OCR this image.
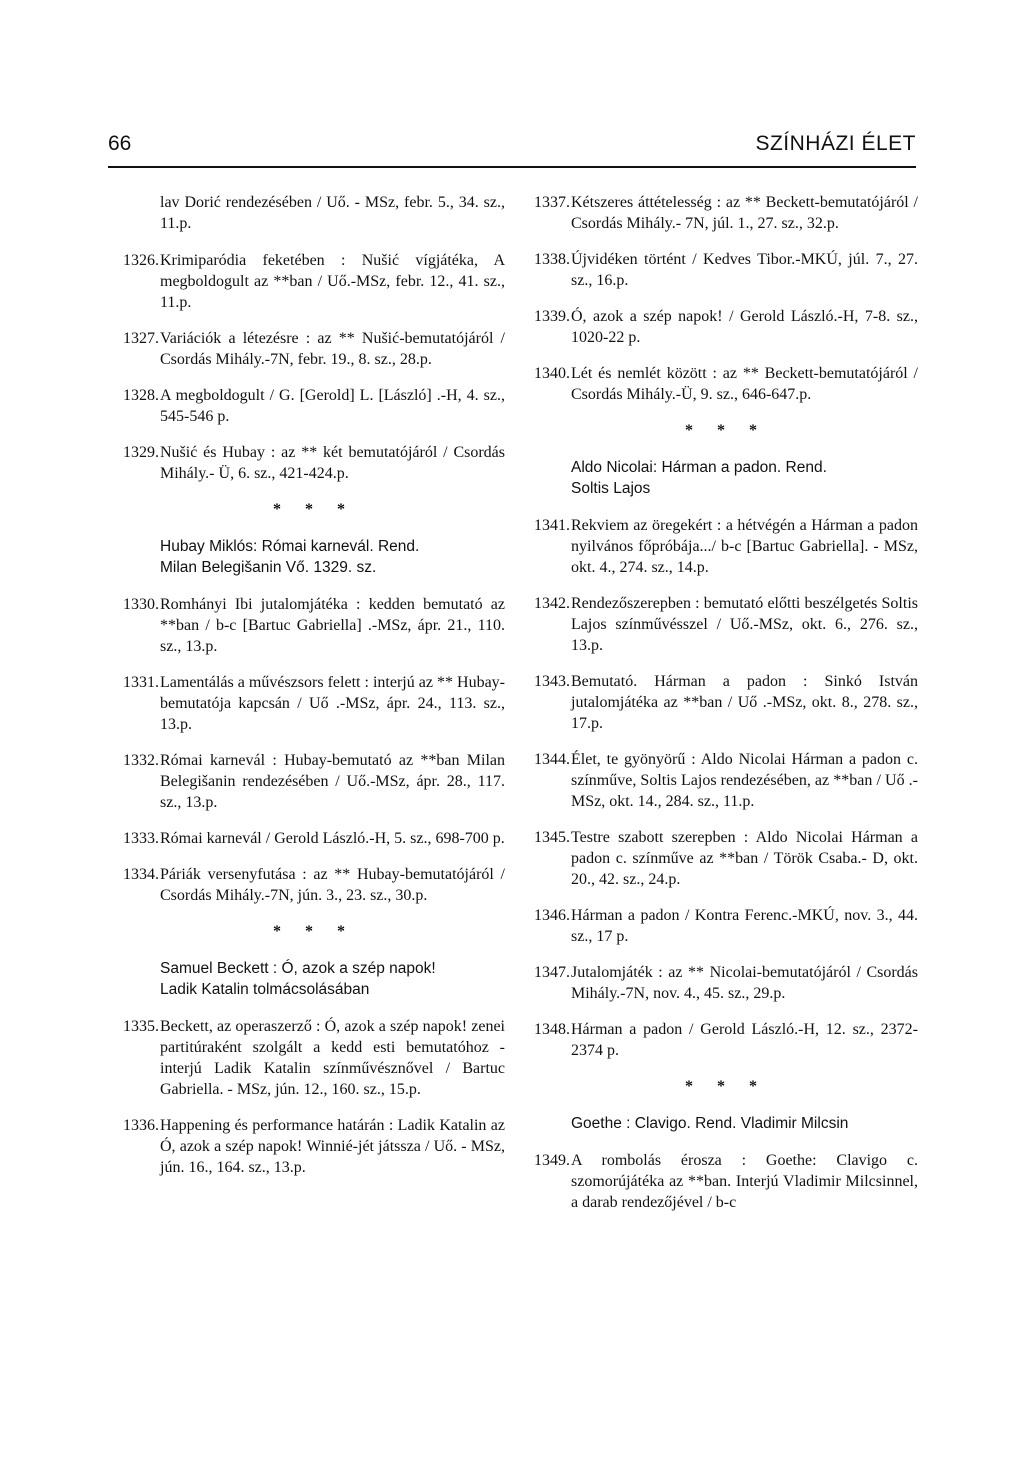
66	SZÍNHÁZI ÉLET
lav Dorić rendezésében / Uő. - MSz, febr. 5., 34. sz., 11.p.
1326. Krimiparódia feketében : Nušić vígjátéka, A megboldogult az **ban / Uő.-MSz, febr. 12., 41. sz., 11.p.
1327. Variációk a létezésre : az ** Nušić-bemutatójáról / Csordás Mihály.-7N, febr. 19., 8. sz., 28.p.
1328. A megboldogult / G. [Gerold] L. [László] .-H, 4. sz., 545-546 p.
1329. Nušić és Hubay : az ** két bemutatójáról / Csordás Mihály.- Ü, 6. sz., 421-424.p.
* * *
Hubay Miklós: Római karnevál. Rend.
Milan Belegišanin Vő. 1329. sz.
1330. Romhányi Ibi jutalomjátéka : kedden bemutató az **ban / b-c [Bartuc Gabriella] .-MSz, ápr. 21., 110. sz., 13.p.
1331. Lamentálás a művészsors felett : interjú az ** Hubay-bemutatója kapcsán / Uő .-MSz, ápr. 24., 113. sz., 13.p.
1332. Római karnevál : Hubay-bemutató az **ban Milan Belegišanin rendezésében / Uő.-MSz, ápr. 28., 117. sz., 13.p.
1333. Római karnevál / Gerold László.-H, 5. sz., 698-700 p.
1334. Páriák versenyfutása : az ** Hubay-bemutatójáról / Csordás Mihály.-7N, jún. 3., 23. sz., 30.p.
* * *
Samuel Beckett : Ó, azok a szép napok!
Ladik Katalin tolmácsolásában
1335. Beckett, az operaszerző : Ó, azok a szép napok! zenei partitúraként szolgált a kedd esti bemutatóhoz - interjú Ladik Katalin színművésznővel / Bartuc Gabriella. - MSz, jún. 12., 160. sz., 15.p.
1336. Happening és performance határán : Ladik Katalin az Ó, azok a szép napok! Winnié-jét játssza / Uő. - MSz, jún. 16., 164. sz., 13.p.
1337. Kétszeres áttételesség : az ** Beckett-bemutatójáról / Csordás Mihály.- 7N, júl. 1., 27. sz., 32.p.
1338. Újvidéken történt / Kedves Tibor.-MKÚ, júl. 7., 27. sz., 16.p.
1339. Ó, azok a szép napok! / Gerold László.-H, 7-8. sz., 1020-22 p.
1340. Lét és nemlét között : az ** Beckett-bemutatójáról / Csordás Mihály.-Ü, 9. sz., 646-647.p.
* * *
Aldo Nicolai: Hárman a padon. Rend.
Soltis Lajos
1341. Rekviem az öregekért : a hétvégén a Hárman a padon nyilvános főpróbája.../ b-c [Bartuc Gabriella]. - MSz, okt. 4., 274. sz., 14.p.
1342. Rendezőszerepben : bemutató előtti beszélgetés Soltis Lajos színművésszel / Uő.-MSz, okt. 6., 276. sz., 13.p.
1343. Bemutató. Hárman a padon : Sinkó István jutalomjátéka az **ban / Uő .-MSz, okt. 8., 278. sz., 17.p.
1344. Élet, te gyönyörű : Aldo Nicolai Hárman a padon c. színműve, Soltis Lajos rendezésében, az **ban / Uő .-MSz, okt. 14., 284. sz., 11.p.
1345. Testre szabott szerepben : Aldo Nicolai Hárman a padon c. színműve az **ban / Török Csaba.- D, okt. 20., 42. sz., 24.p.
1346. Hárman a padon / Kontra Ferenc.-MKÚ, nov. 3., 44. sz., 17 p.
1347. Jutalomjáték : az ** Nicolai-bemutatójáról / Csordás Mihály.-7N, nov. 4., 45. sz., 29.p.
1348. Hárman a padon / Gerold László.-H, 12. sz., 2372-2374 p.
* * *
Goethe : Clavigo. Rend. Vladimir Milcsin
1349. A rombolás érosza : Goethe: Clavigo c. szomorújátéka az **ban. Interjú Vladimir Milcsinnel, a darab rendezőjével / b-c
